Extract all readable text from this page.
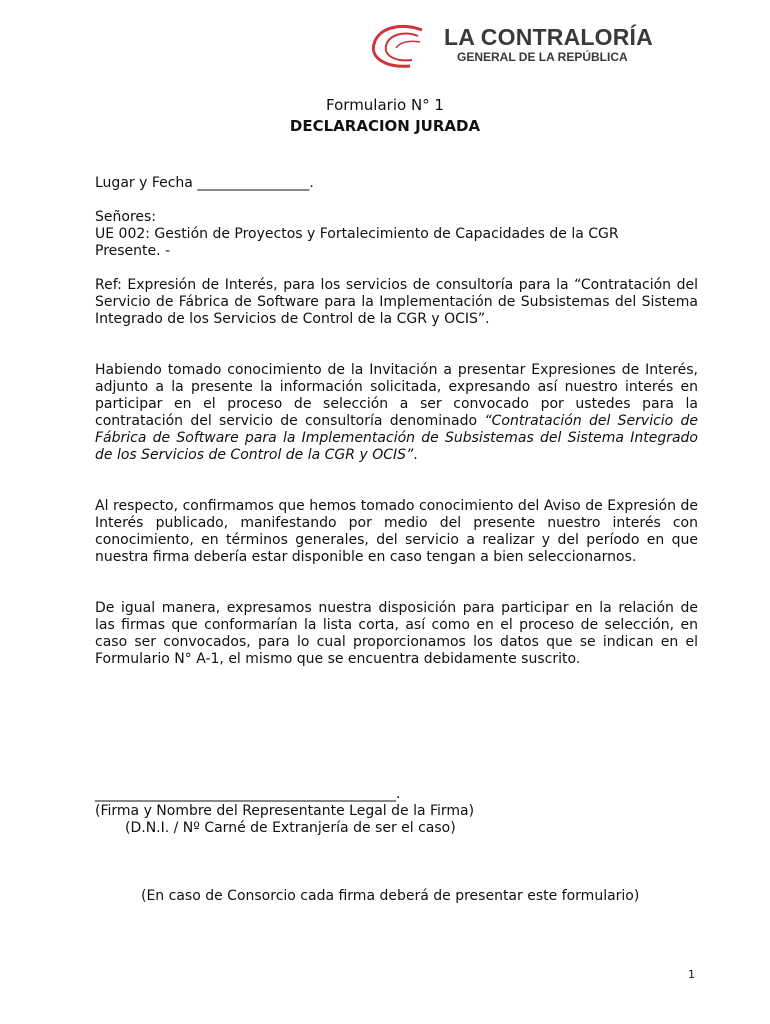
LA CONTRALORÍA
GENERAL DE LA REPÚBLICA
Formulario N° 1
DECLARACION JURADA
Lugar y Fecha ________________.
Señores:
UE 002: Gestión de Proyectos y Fortalecimiento de Capacidades de la CGR
Presente. -
Ref: Expresión de Interés, para los servicios de consultoría para la “Contratación del Servicio de Fábrica de Software para la Implementación de Subsistemas del Sistema Integrado de los Servicios de Control de la CGR y OCIS”.
Habiendo tomado conocimiento de la Invitación a presentar Expresiones de Interés, adjunto a la presente la información solicitada, expresando así nuestro interés en participar en el proceso de selección a ser convocado por ustedes para la contratación del servicio de consultoría denominado “Contratación del Servicio de Fábrica de Software para la Implementación de Subsistemas del Sistema Integrado de los Servicios de Control de la CGR y OCIS”.
Al respecto, confirmamos que hemos tomado conocimiento del Aviso de Expresión de Interés publicado, manifestando por medio del presente nuestro interés con conocimiento, en términos generales, del servicio a realizar y del período en que nuestra firma debería estar disponible en caso tengan a bien seleccionarnos.
De igual manera, expresamos nuestra disposición para participar en la relación de las firmas que conformarían la lista corta, así como en el proceso de selección, en caso ser convocados, para lo cual proporcionamos los datos que se indican en el Formulario N° A-1, el mismo que se encuentra debidamente suscrito.
___________________________________________.
(Firma y Nombre del Representante Legal de la Firma)
(D.N.I. / Nº Carné de Extranjería de ser el caso)
(En caso de Consorcio cada firma deberá de presentar este formulario)
1
